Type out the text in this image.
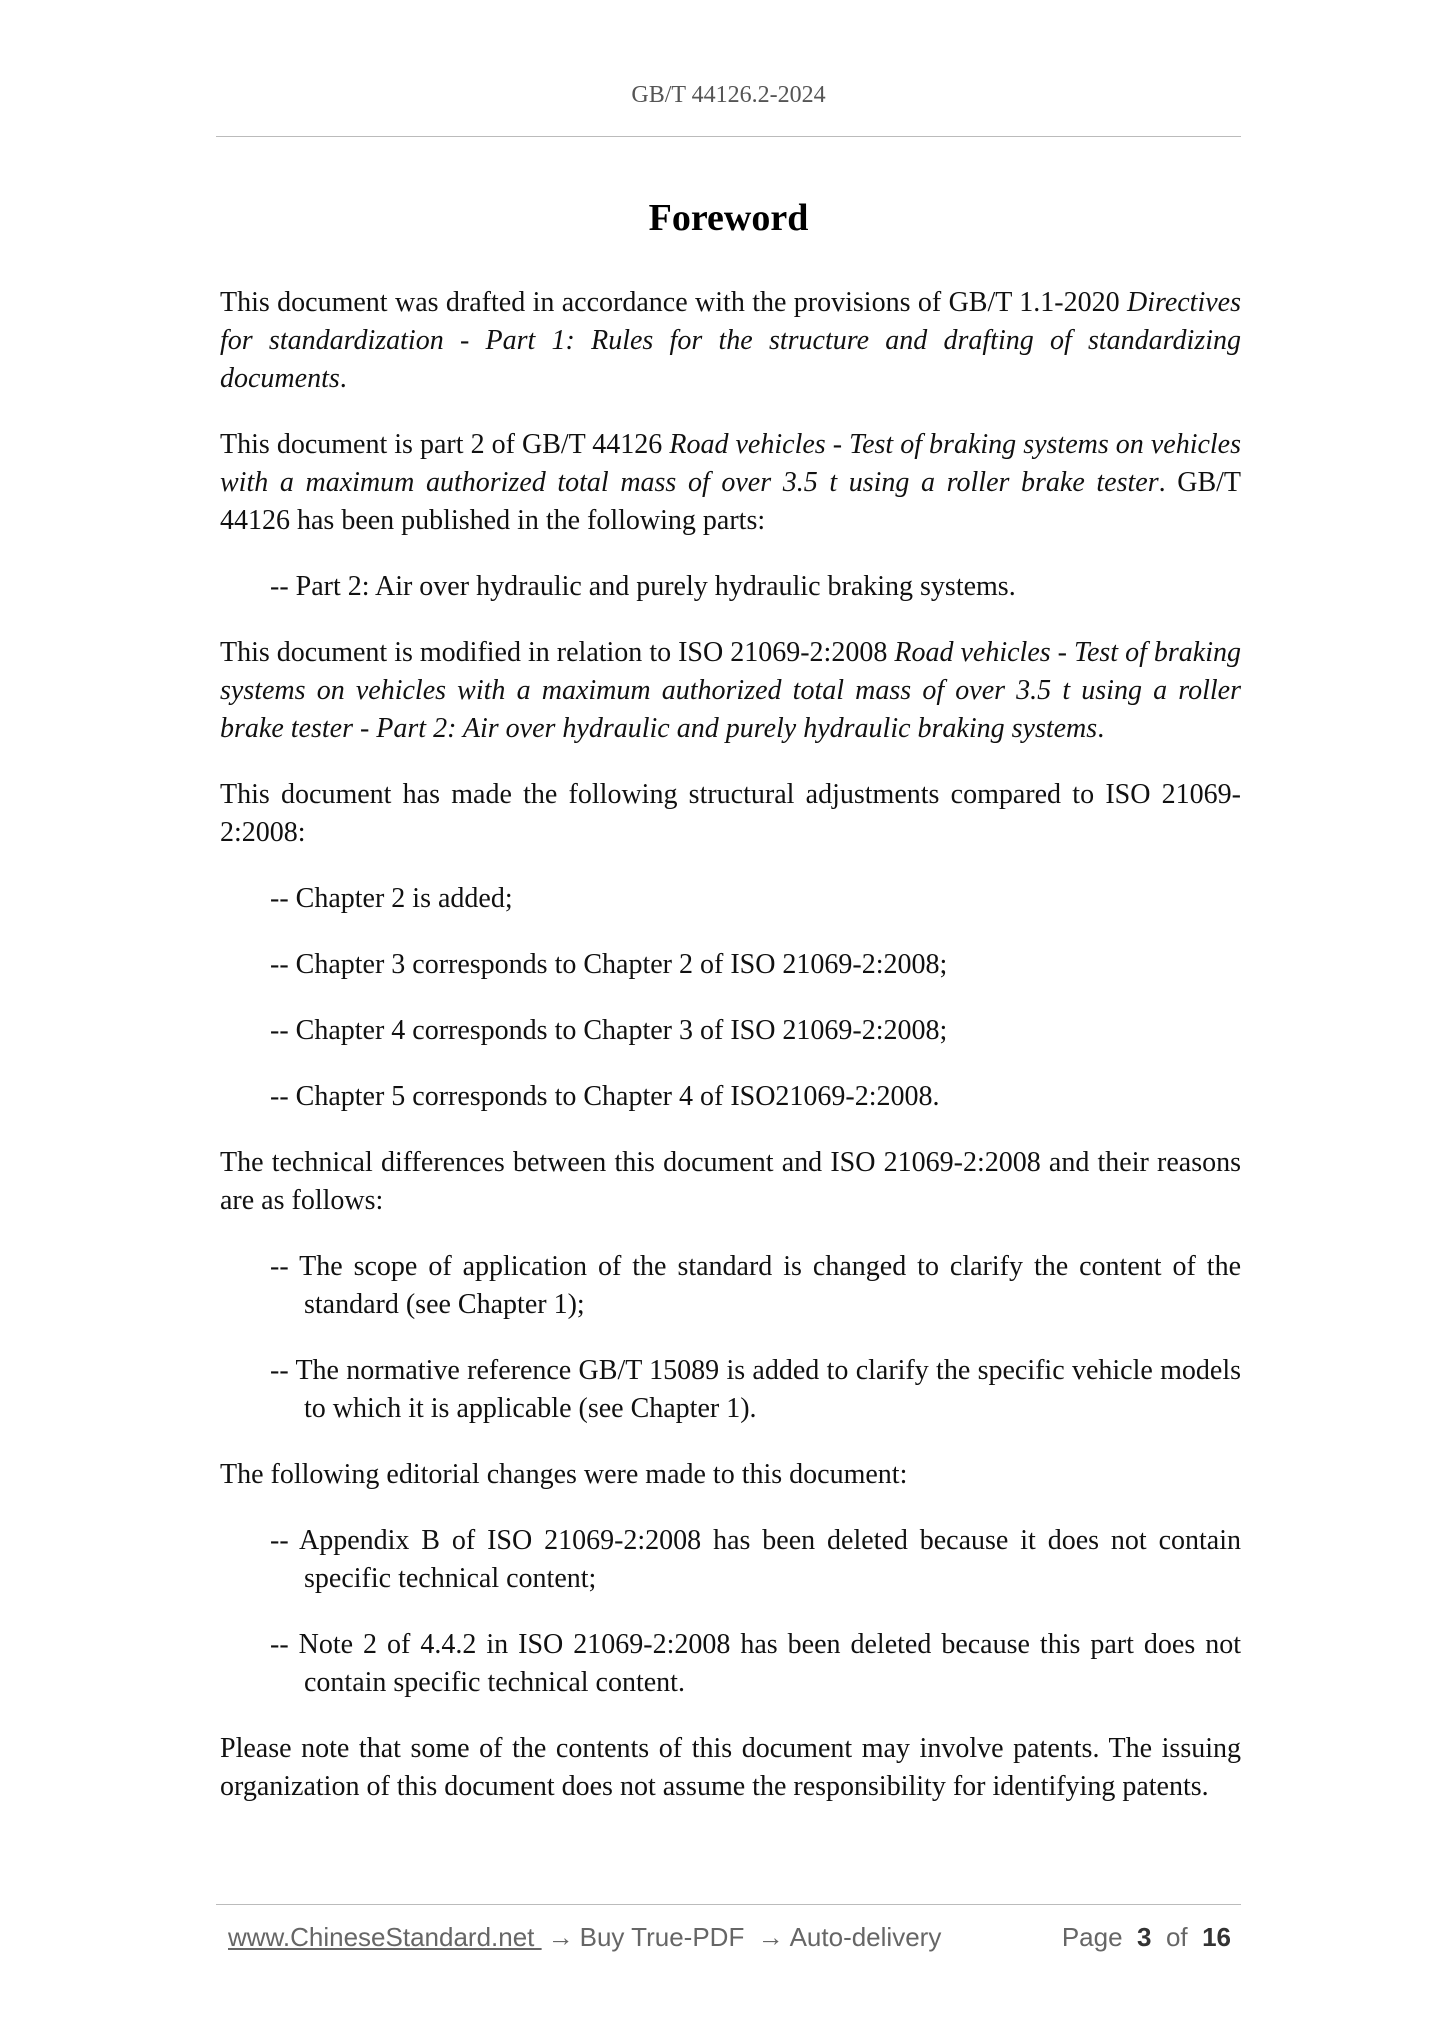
GB/T 44126.2-2024
Foreword

This document was drafted in accordance with the provisions of GB/T 1.1-2020 Directives for standardization - Part 1: Rules for the structure and drafting of standardizing documents.

This document is part 2 of GB/T 44126 Road vehicles - Test of braking systems on vehicles with a maximum authorized total mass of over 3.5 t using a roller brake tester. GB/T 44126 has been published in the following parts:

-- Part 2: Air over hydraulic and purely hydraulic braking systems.

This document is modified in relation to ISO 21069-2:2008 Road vehicles - Test of braking systems on vehicles with a maximum authorized total mass of over 3.5 t using a roller brake tester - Part 2: Air over hydraulic and purely hydraulic braking systems.

This document has made the following structural adjustments compared to ISO 21069-2:2008:

-- Chapter 2 is added;

-- Chapter 3 corresponds to Chapter 2 of ISO 21069-2:2008;

-- Chapter 4 corresponds to Chapter 3 of ISO 21069-2:2008;

-- Chapter 5 corresponds to Chapter 4 of ISO21069-2:2008.

The technical differences between this document and ISO 21069-2:2008 and their reasons are as follows:

-- The scope of application of the standard is changed to clarify the content of the standard (see Chapter 1);

-- The normative reference GB/T 15089 is added to clarify the specific vehicle models to which it is applicable (see Chapter 1).

The following editorial changes were made to this document:

-- Appendix B of ISO 21069-2:2008 has been deleted because it does not contain specific technical content;

-- Note 2 of 4.4.2 in ISO 21069-2:2008 has been deleted because this part does not contain specific technical content.

Please note that some of the contents of this document may involve patents. The issuing organization of this document does not assume the responsibility for identifying patents.

www.ChineseStandard.net → Buy True-PDF → Auto-delivery	Page 3 of 16
